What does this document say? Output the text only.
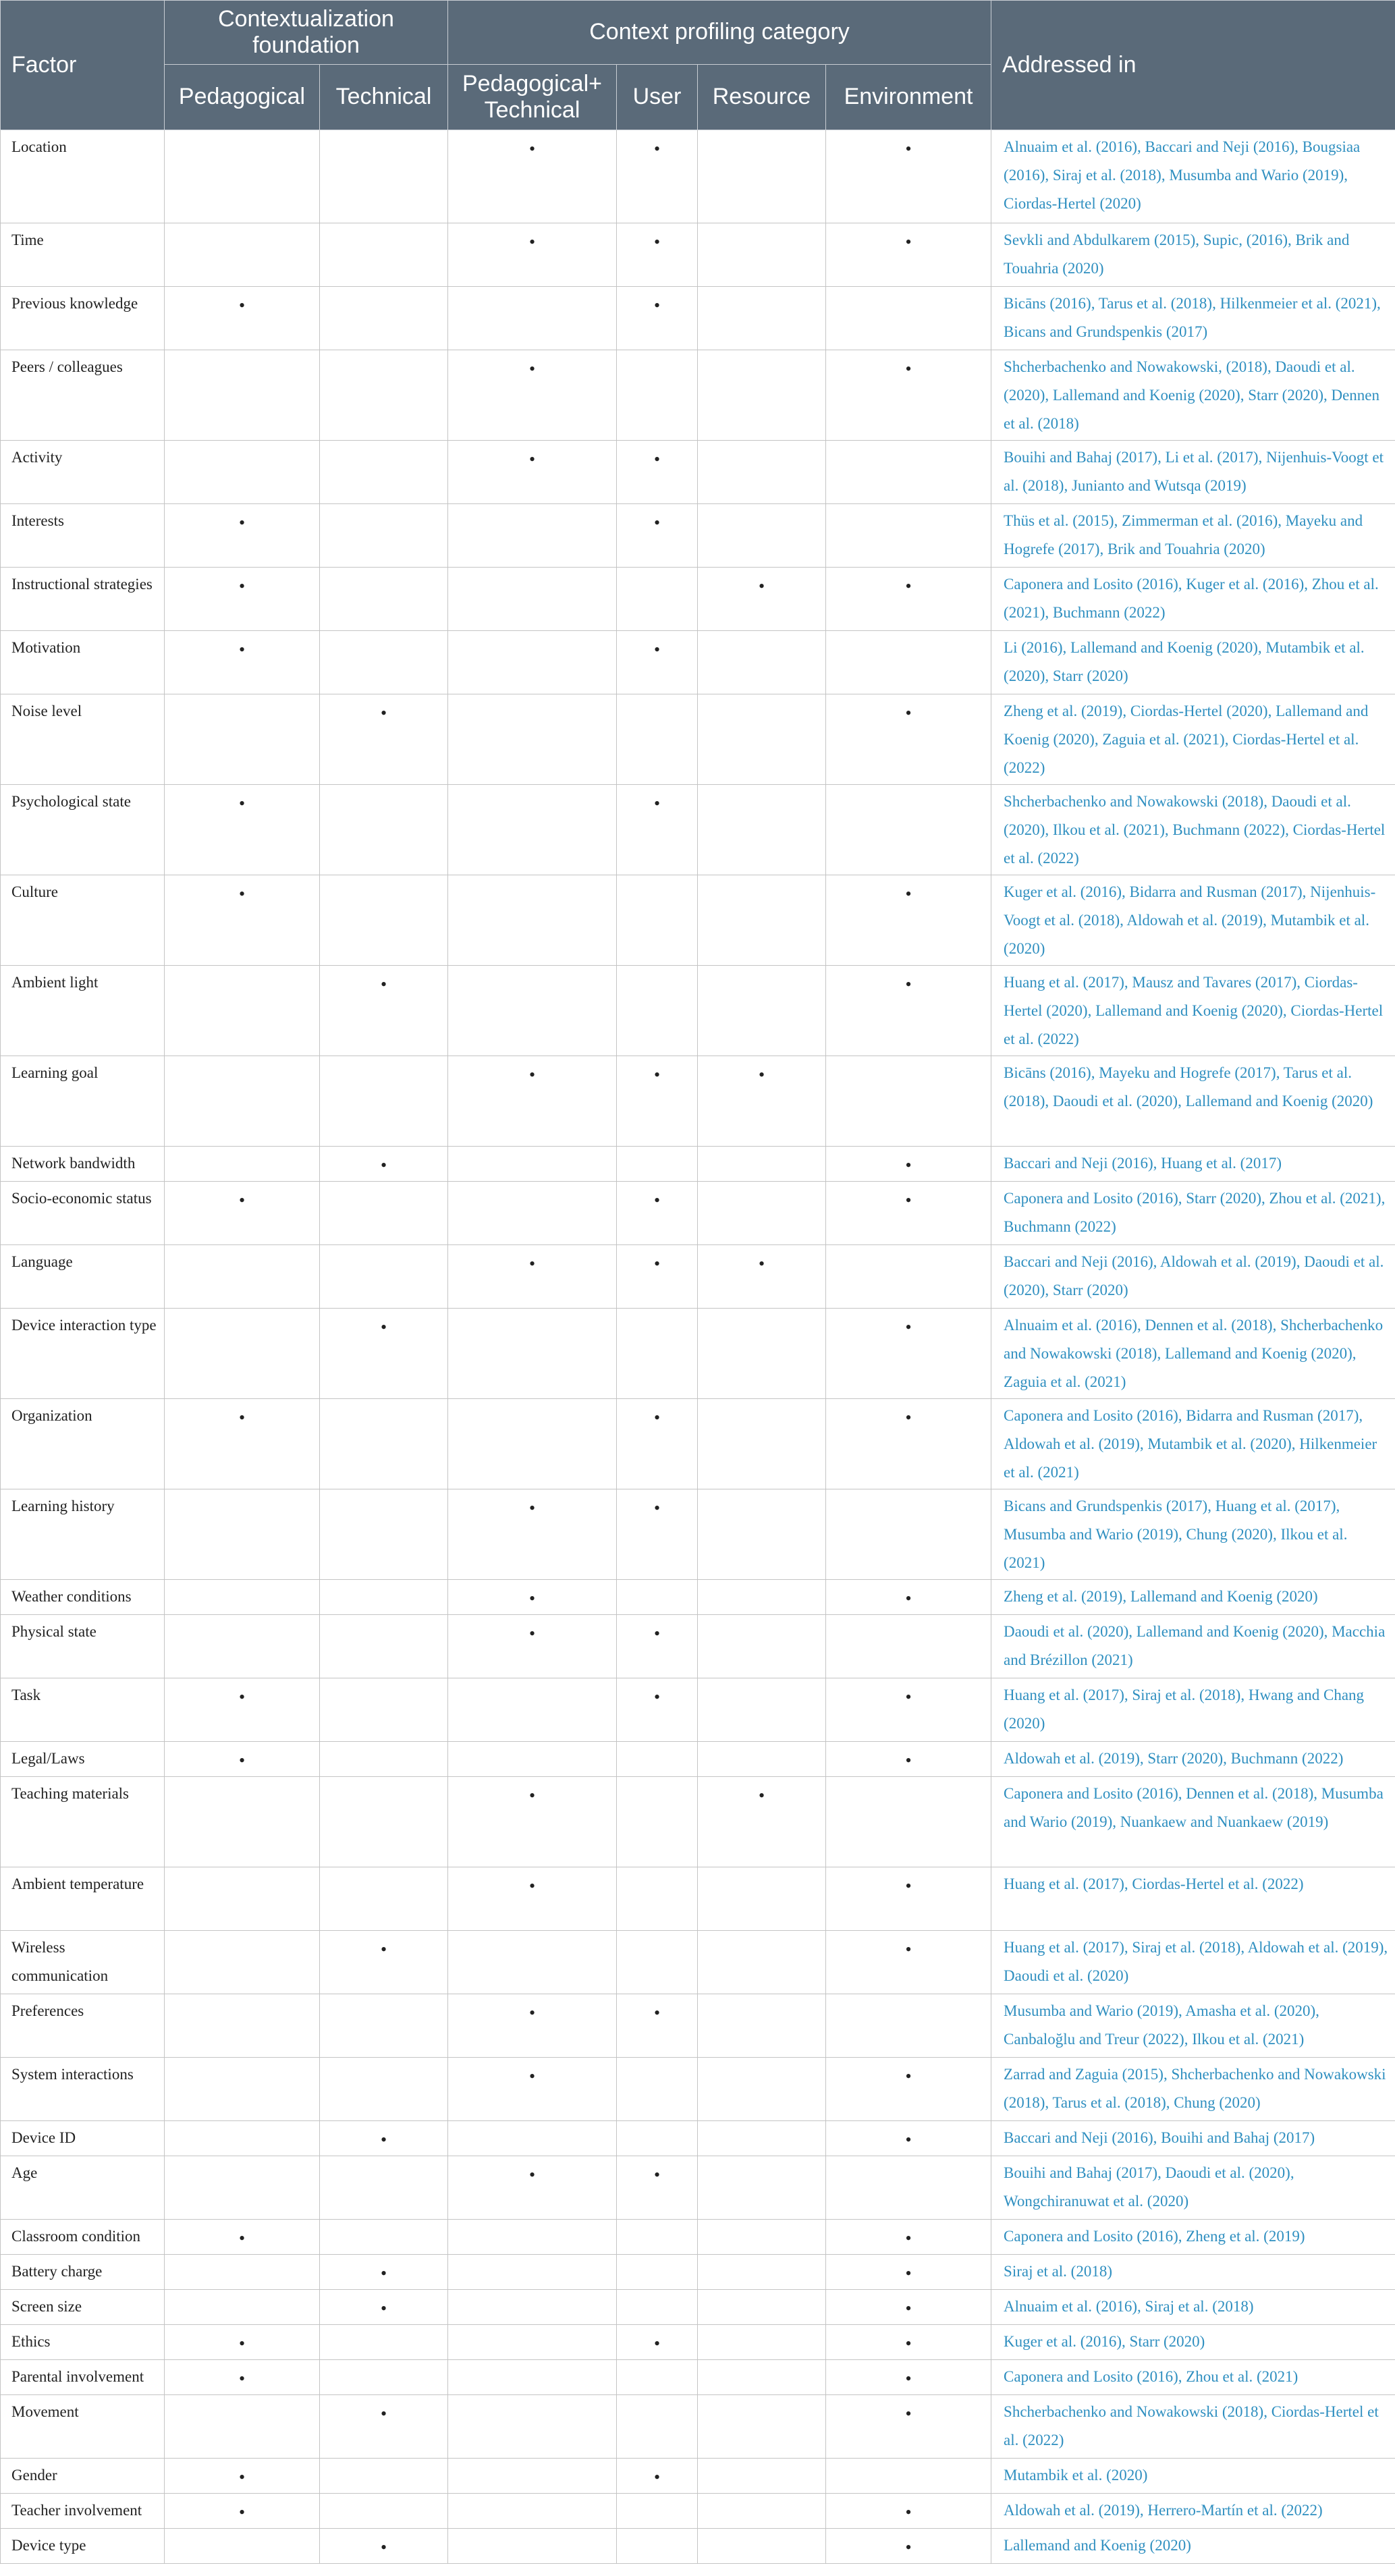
Factor	Contextualization foundation		Context profiling category				Addressed in
	Pedagogical	Technical	Pedagogical+ Technical	User	Resource	Environment	
Location			•	•		•	Alnuaim et al. (2016), Baccari and Neji (2016), Bougsiaa (2016), Siraj et al. (2018), Musumba and Wario (2019), Ciordas-Hertel (2020)
Time			•	•		•	Sevkli and Abdulkarem (2015), Supic, (2016), Brik and Touahria (2020)
Previous knowledge	•			•			Bicāns (2016), Tarus et al. (2018), Hilkenmeier et al. (2021), Bicans and Grundspenkis (2017)
Peers / colleagues			•			•	Shcherbachenko and Nowakowski, (2018), Daoudi et al. (2020), Lallemand and Koenig (2020), Starr (2020), Dennen et al. (2018)
Activity			•	•			Bouihi and Bahaj (2017), Li et al. (2017), Nijenhuis-Voogt et al. (2018), Junianto and Wutsqa (2019)
Interests	•			•			Thüs et al. (2015), Zimmerman et al. (2016), Mayeku and Hogrefe (2017), Brik and Touahria (2020)
Instructional strategies	•				•	•	Caponera and Losito (2016), Kuger et al. (2016), Zhou et al. (2021), Buchmann (2022)
Motivation	•			•			Li (2016), Lallemand and Koenig (2020), Mutambik et al. (2020), Starr (2020)
Noise level		•				•	Zheng et al. (2019), Ciordas-Hertel (2020), Lallemand and Koenig (2020), Zaguia et al. (2021), Ciordas-Hertel et al. (2022)
Psychological state	•			•			Shcherbachenko and Nowakowski (2018), Daoudi et al. (2020), Ilkou et al. (2021), Buchmann (2022), Ciordas-Hertel et al. (2022)
Culture	•					•	Kuger et al. (2016), Bidarra and Rusman (2017), Nijenhuis-Voogt et al. (2018), Aldowah et al. (2019), Mutambik et al. (2020)
Ambient light		•				•	Huang et al. (2017), Mausz and Tavares (2017), Ciordas-Hertel (2020), Lallemand and Koenig (2020), Ciordas-Hertel et al. (2022)
Learning goal			•	•	•		Bicāns (2016), Mayeku and Hogrefe (2017), Tarus et al. (2018), Daoudi et al. (2020), Lallemand and Koenig (2020)
Network bandwidth		•				•	Baccari and Neji (2016), Huang et al. (2017)
Socio-economic status	•			•		•	Caponera and Losito (2016), Starr (2020), Zhou et al. (2021), Buchmann (2022)
Language			•	•	•		Baccari and Neji (2016), Aldowah et al. (2019), Daoudi et al. (2020), Starr (2020)
Device interaction type		•				•	Alnuaim et al. (2016), Dennen et al. (2018), Shcherbachenko and Nowakowski (2018), Lallemand and Koenig (2020), Zaguia et al. (2021)
Organization	•			•		•	Caponera and Losito (2016), Bidarra and Rusman (2017), Aldowah et al. (2019), Mutambik et al. (2020), Hilkenmeier et al. (2021)
Learning history			•	•			Bicans and Grundspenkis (2017), Huang et al. (2017), Musumba and Wario (2019), Chung (2020), Ilkou et al. (2021)
Weather conditions			•			•	Zheng et al. (2019), Lallemand and Koenig (2020)
Physical state			•	•			Daoudi et al. (2020), Lallemand and Koenig (2020), Macchia and Brézillon (2021)
Task	•			•		•	Huang et al. (2017), Siraj et al. (2018), Hwang and Chang (2020)
Legal/Laws	•					•	Aldowah et al. (2019), Starr (2020), Buchmann (2022)
Teaching materials			•		•		Caponera and Losito (2016), Dennen et al. (2018), Musumba and Wario (2019), Nuankaew and Nuankaew (2019)
Ambient temperature			•			•	Huang et al. (2017), Ciordas-Hertel et al. (2022)
Wireless communication		•				•	Huang et al. (2017), Siraj et al. (2018), Aldowah et al. (2019), Daoudi et al. (2020)
Preferences			•	•			Musumba and Wario (2019), Amasha et al. (2020), Canbaloğlu and Treur (2022), Ilkou et al. (2021)
System interactions			•			•	Zarrad and Zaguia (2015), Shcherbachenko and Nowakowski (2018), Tarus et al. (2018), Chung (2020)
Device ID		•				•	Baccari and Neji (2016), Bouihi and Bahaj (2017)
Age			•	•			Bouihi and Bahaj (2017), Daoudi et al. (2020), Wongchiranuwat et al. (2020)
Classroom condition	•					•	Caponera and Losito (2016), Zheng et al. (2019)
Battery charge		•				•	Siraj et al. (2018)
Screen size		•				•	Alnuaim et al. (2016), Siraj et al. (2018)
Ethics	•			•		•	Kuger et al. (2016), Starr (2020)
Parental involvement	•					•	Caponera and Losito (2016), Zhou et al. (2021)
Movement		•				•	Shcherbachenko and Nowakowski (2018), Ciordas-Hertel et al. (2022)
Gender	•			•			Mutambik et al. (2020)
Teacher involvement	•					•	Aldowah et al. (2019), Herrero-Martín et al. (2022)
Device type		•				•	Lallemand and Koenig (2020)
